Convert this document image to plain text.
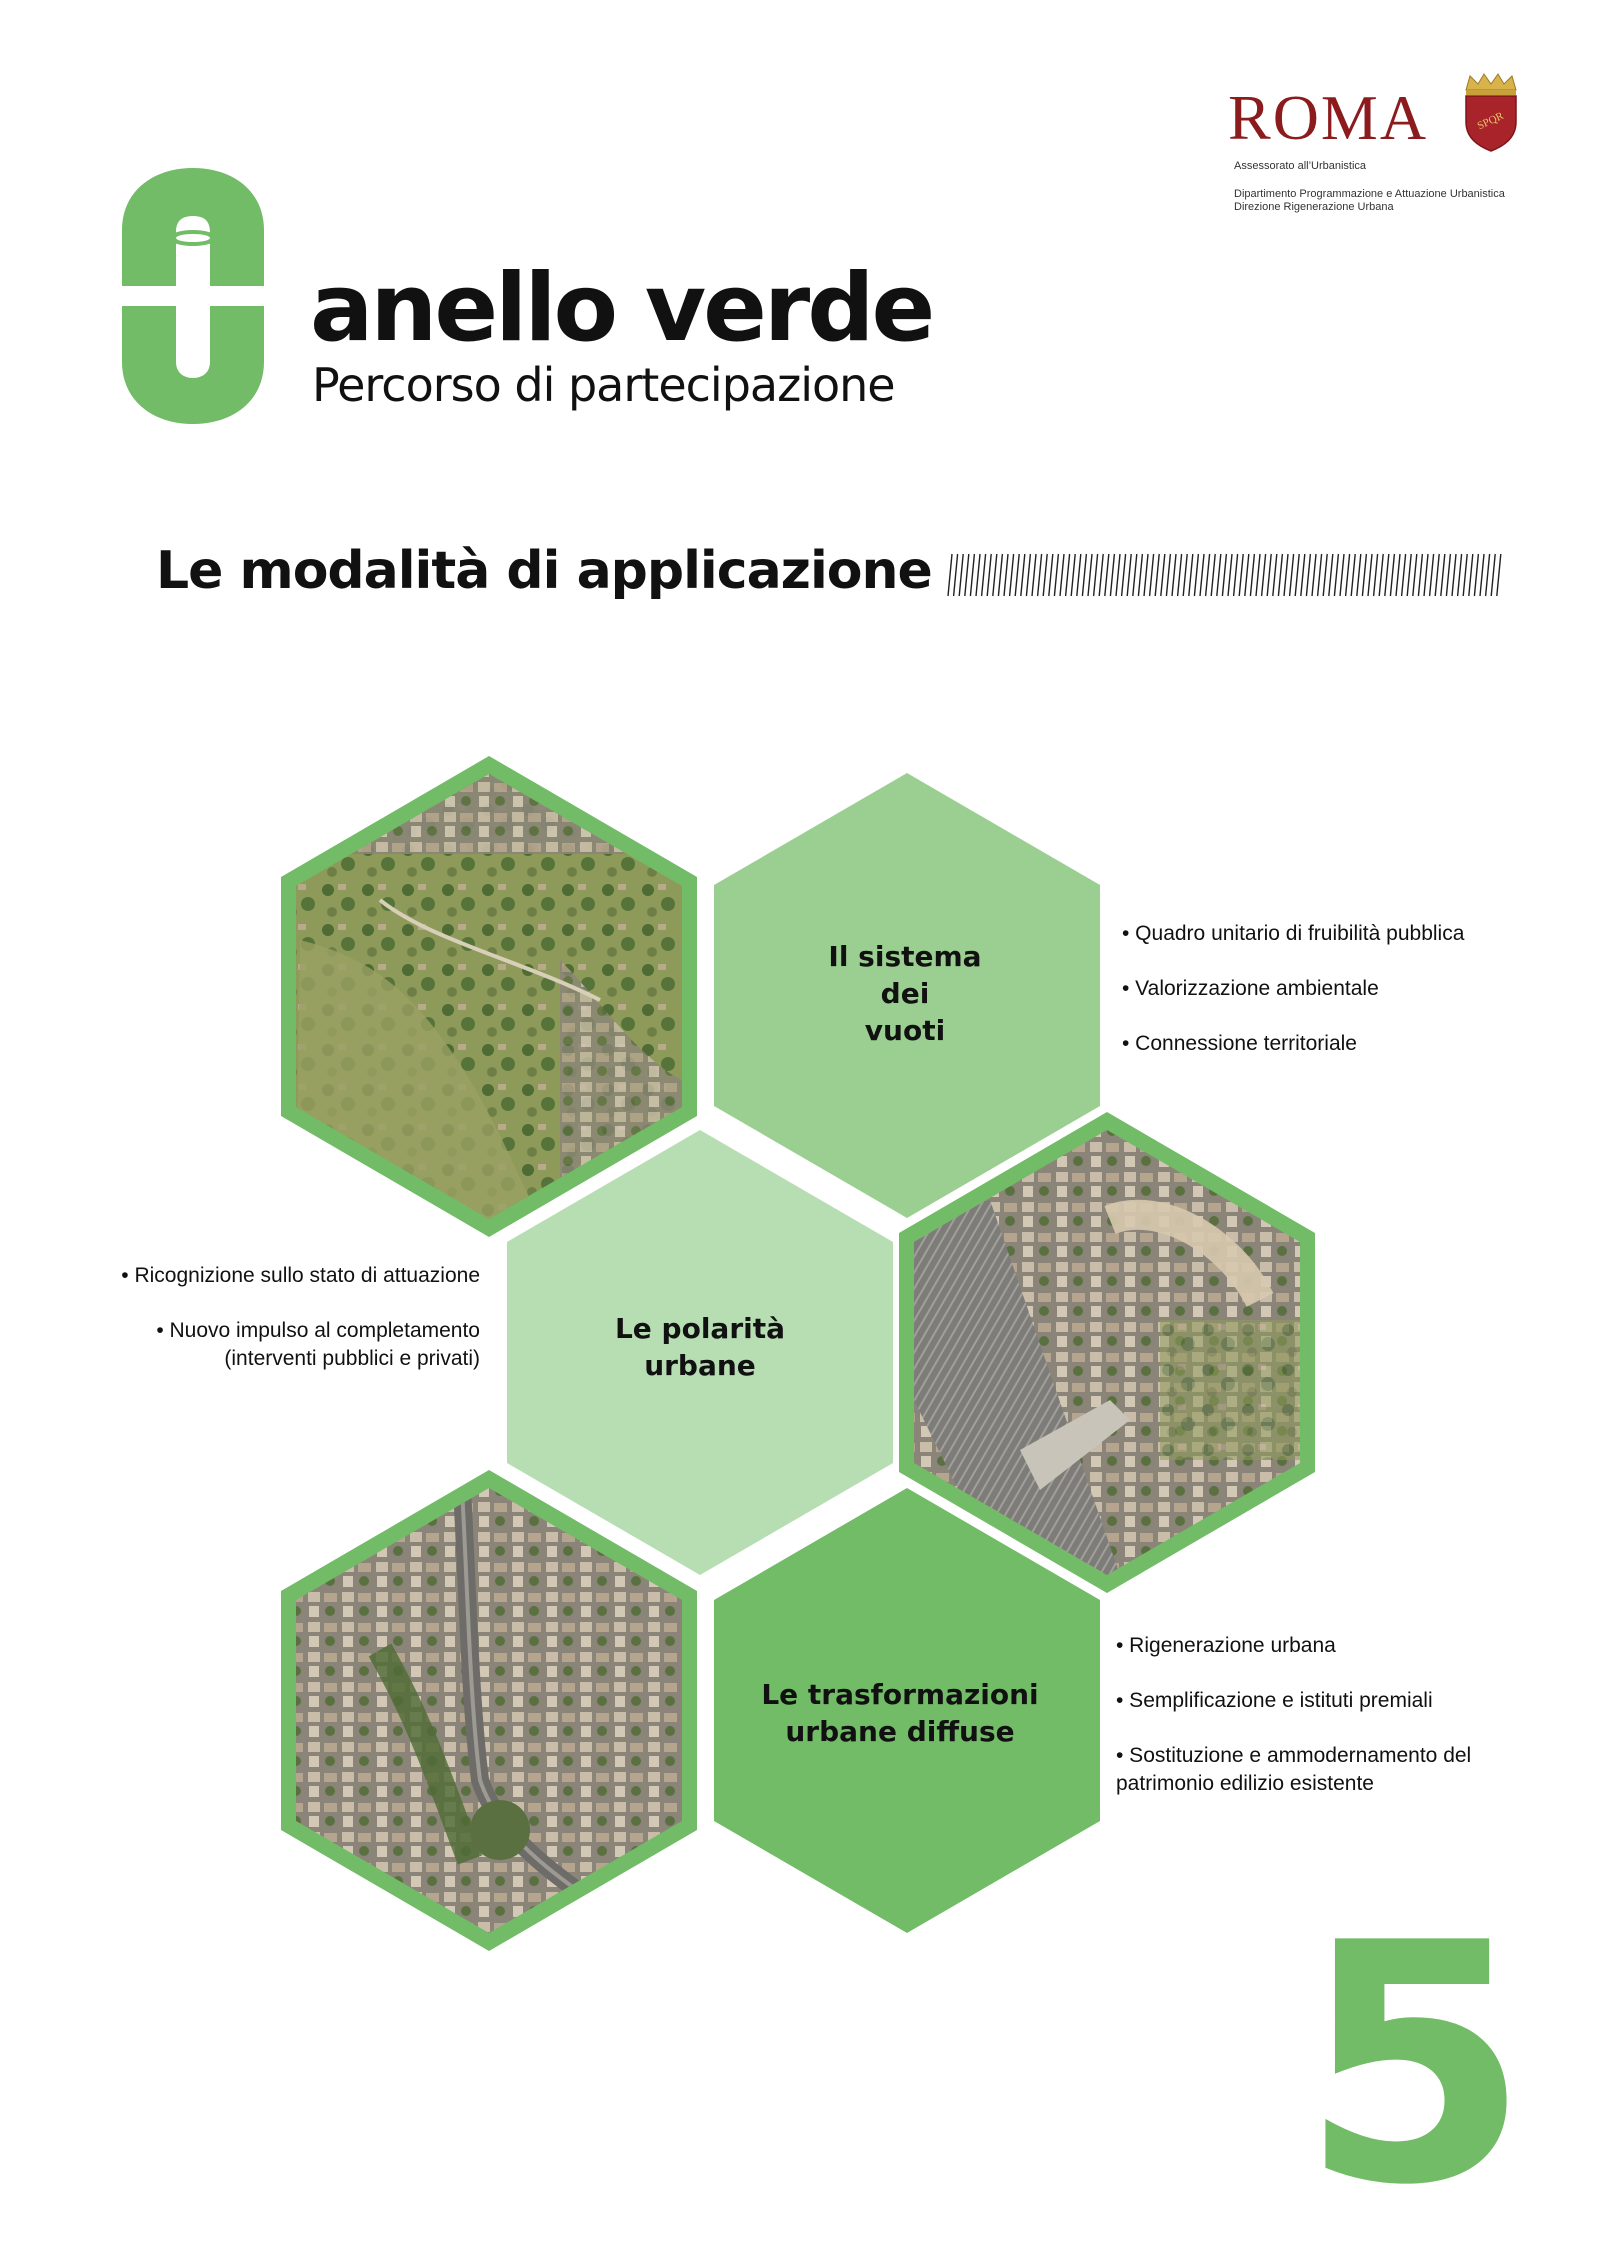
anello verde
Percorso di partecipazione
ROMA	SPQR
Assessorato all’Urbanistica
Dipartimento Programmazione e Attuazione Urbanistica
Direzione Rigenerazione Urbana
Le modalità di applicazione
Il sistema
dei
vuoti
Le polarità
urbane
Le trasformazioni
urbane diffuse
• Quadro unitario di fruibilità pubblica
• Valorizzazione ambientale
• Connessione territoriale
• Ricognizione sullo stato di attuazione
• Nuovo impulso al completamento
(interventi pubblici e privati)
• Rigenerazione urbana
• Semplificazione e istituti premiali
• Sostituzione e ammodernamento del
patrimonio edilizio esistente
5
